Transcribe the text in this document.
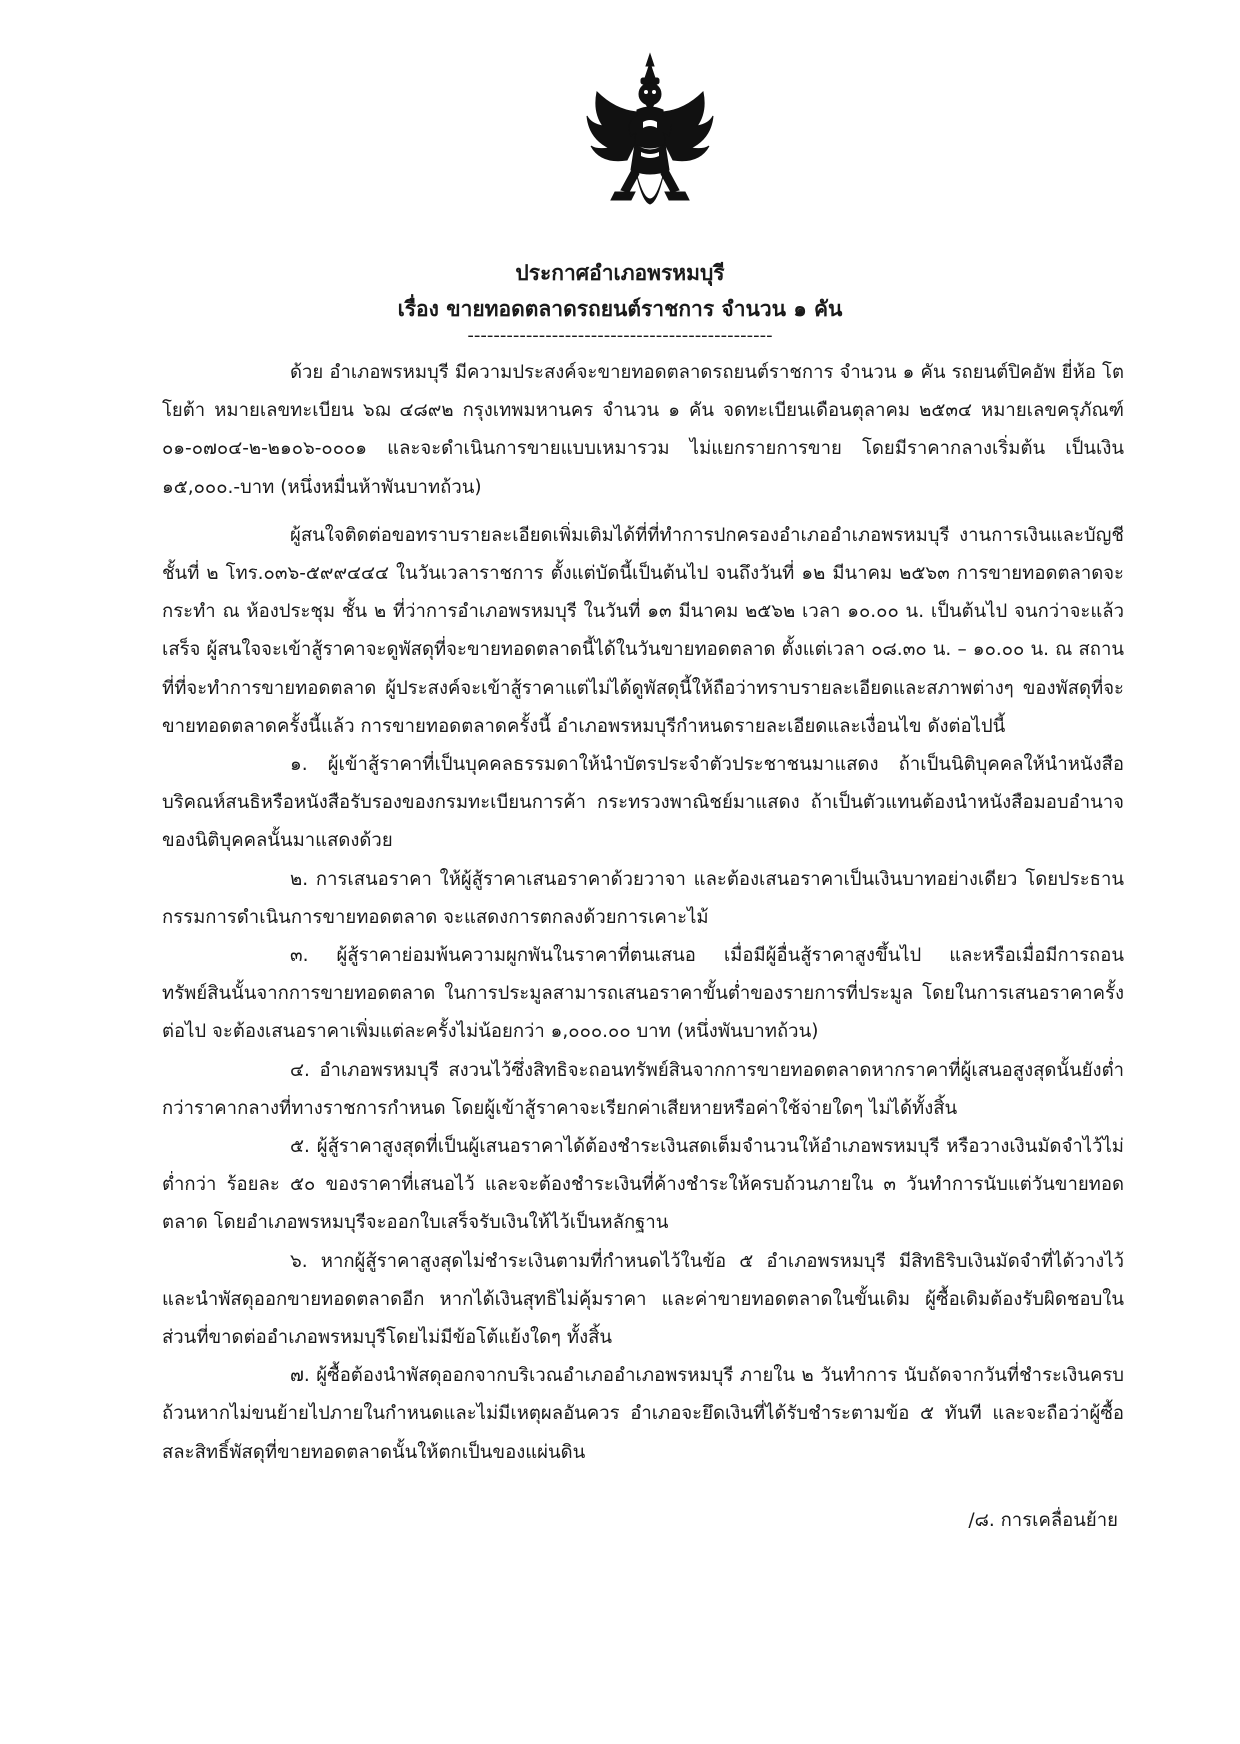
ประกาศอำเภอพรหมบุรี
เรื่อง ขายทอดตลาดรถยนต์ราชการ จำนวน ๑ คัน
-----------------------------------------------

ด้วย อำเภอพรหมบุรี มีความประสงค์จะขายทอดตลาดรถยนต์ราชการ จำนวน ๑ คัน รถยนต์ปิคอัพ ยี่ห้อ โตโยต้า หมายเลขทะเบียน ๖ฌ ๔๘๙๒ กรุงเทพมหานคร จำนวน ๑ คัน จดทะเบียนเดือนตุลาคม ๒๕๓๔ หมายเลขครุภัณฑ์ ๐๑-๐๗๐๔-๒-๒๑๐๖-๐๐๐๑ และจะดำเนินการขายแบบเหมารวม ไม่แยกรายการขาย โดยมีราคากลางเริ่มต้น เป็นเงิน ๑๕,๐๐๐.-บาท (หนึ่งหมื่นห้าพันบาทถ้วน)

ผู้สนใจติดต่อขอทราบรายละเอียดเพิ่มเติมได้ที่ที่ทำการปกครองอำเภออำเภอพรหมบุรี งานการเงินและบัญชี ชั้นที่ ๒ โทร.๐๓๖-๕๙๙๔๔๔ ในวันเวลาราชการ ตั้งแต่บัดนี้เป็นต้นไป จนถึงวันที่ ๑๒ มีนาคม ๒๕๖๓ การขายทอดตลาดจะกระทำ ณ ห้องประชุม ชั้น ๒ ที่ว่าการอำเภอพรหมบุรี ในวันที่ ๑๓ มีนาคม ๒๕๖๒ เวลา ๑๐.๐๐ น. เป็นต้นไป จนกว่าจะแล้วเสร็จ ผู้สนใจจะเข้าสู้ราคาจะดูพัสดุที่จะขายทอดตลาดนี้ได้ในวันขายทอดตลาด ตั้งแต่เวลา ๐๘.๓๐ น. – ๑๐.๐๐ น. ณ สถานที่ที่จะทำการขายทอดตลาด ผู้ประสงค์จะเข้าสู้ราคาแต่ไม่ได้ดูพัสดุนี้ให้ถือว่าทราบรายละเอียดและสภาพต่างๆ ของพัสดุที่จะขายทอดตลาดครั้งนี้แล้ว การขายทอดตลาดครั้งนี้ อำเภอพรหมบุรีกำหนดรายละเอียดและเงื่อนไข ดังต่อไปนี้

๑. ผู้เข้าสู้ราคาที่เป็นบุคคลธรรมดาให้นำบัตรประจำตัวประชาชนมาแสดง ถ้าเป็นนิติบุคคลให้นำหนังสือบริคณห์สนธิหรือหนังสือรับรองของกรมทะเบียนการค้า กระทรวงพาณิชย์มาแสดง ถ้าเป็นตัวแทนต้องนำหนังสือมอบอำนาจของนิติบุคคลนั้นมาแสดงด้วย

๒. การเสนอราคา ให้ผู้สู้ราคาเสนอราคาด้วยวาจา และต้องเสนอราคาเป็นเงินบาทอย่างเดียว โดยประธานกรรมการดำเนินการขายทอดตลาด จะแสดงการตกลงด้วยการเคาะไม้

๓. ผู้สู้ราคาย่อมพ้นความผูกพันในราคาที่ตนเสนอ เมื่อมีผู้อื่นสู้ราคาสูงขึ้นไป และหรือเมื่อมีการถอนทรัพย์สินนั้นจากการขายทอดตลาด ในการประมูลสามารถเสนอราคาขั้นต่ำของรายการที่ประมูล โดยในการเสนอราคาครั้งต่อไป จะต้องเสนอราคาเพิ่มแต่ละครั้งไม่น้อยกว่า ๑,๐๐๐.๐๐ บาท (หนึ่งพันบาทถ้วน)

๔. อำเภอพรหมบุรี สงวนไว้ซึ่งสิทธิจะถอนทรัพย์สินจากการขายทอดตลาดหากราคาที่ผู้เสนอสูงสุดนั้นยังต่ำกว่าราคากลางที่ทางราชการกำหนด โดยผู้เข้าสู้ราคาจะเรียกค่าเสียหายหรือค่าใช้จ่ายใดๆ ไม่ได้ทั้งสิ้น

๕. ผู้สู้ราคาสูงสุดที่เป็นผู้เสนอราคาได้ต้องชำระเงินสดเต็มจำนวนให้อำเภอพรหมบุรี หรือวางเงินมัดจำไว้ไม่ต่ำกว่า ร้อยละ ๕๐ ของราคาที่เสนอไว้ และจะต้องชำระเงินที่ค้างชำระให้ครบถ้วนภายใน ๓ วันทำการนับแต่วันขายทอดตลาด โดยอำเภอพรหมบุรีจะออกใบเสร็จรับเงินให้ไว้เป็นหลักฐาน

๖. หากผู้สู้ราคาสูงสุดไม่ชำระเงินตามที่กำหนดไว้ในข้อ ๕ อำเภอพรหมบุรี มีสิทธิริบเงินมัดจำที่ได้วางไว้ และนำพัสดุออกขายทอดตลาดอีก หากได้เงินสุทธิไม่คุ้มราคา และค่าขายทอดตลาดในขั้นเดิม ผู้ซื้อเดิมต้องรับผิดชอบในส่วนที่ขาดต่ออำเภอพรหมบุรีโดยไม่มีข้อโต้แย้งใดๆ ทั้งสิ้น

๗. ผู้ซื้อต้องนำพัสดุออกจากบริเวณอำเภออำเภอพรหมบุรี ภายใน ๒ วันทำการ นับถัดจากวันที่ชำระเงินครบถ้วนหากไม่ขนย้ายไปภายในกำหนดและไม่มีเหตุผลอันควร อำเภอจะยึดเงินที่ได้รับชำระตามข้อ ๕ ทันที และจะถือว่าผู้ซื้อสละสิทธิ์พัสดุที่ขายทอดตลาดนั้นให้ตกเป็นของแผ่นดิน

/๘. การเคลื่อนย้าย
